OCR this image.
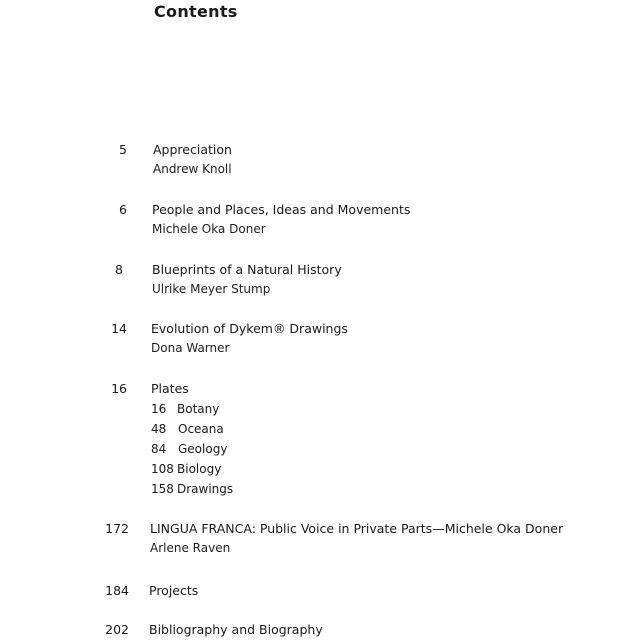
Contents
5 Appreciation
Andrew Knoll
6 People and Places, Ideas and Movements
Michele Oka Doner
8 Blueprints of a Natural History
Ulrike Meyer Stump
14 Evolution of Dykem® Drawings
Dona Warner
16 Plates
16 Botany
48 Oceana
84 Geology
108 Biology
158 Drawings
172 LINGUA FRANCA: Public Voice in Private Parts—Michele Oka Doner
Arlene Raven
184 Projects
202 Bibliography and Biography
